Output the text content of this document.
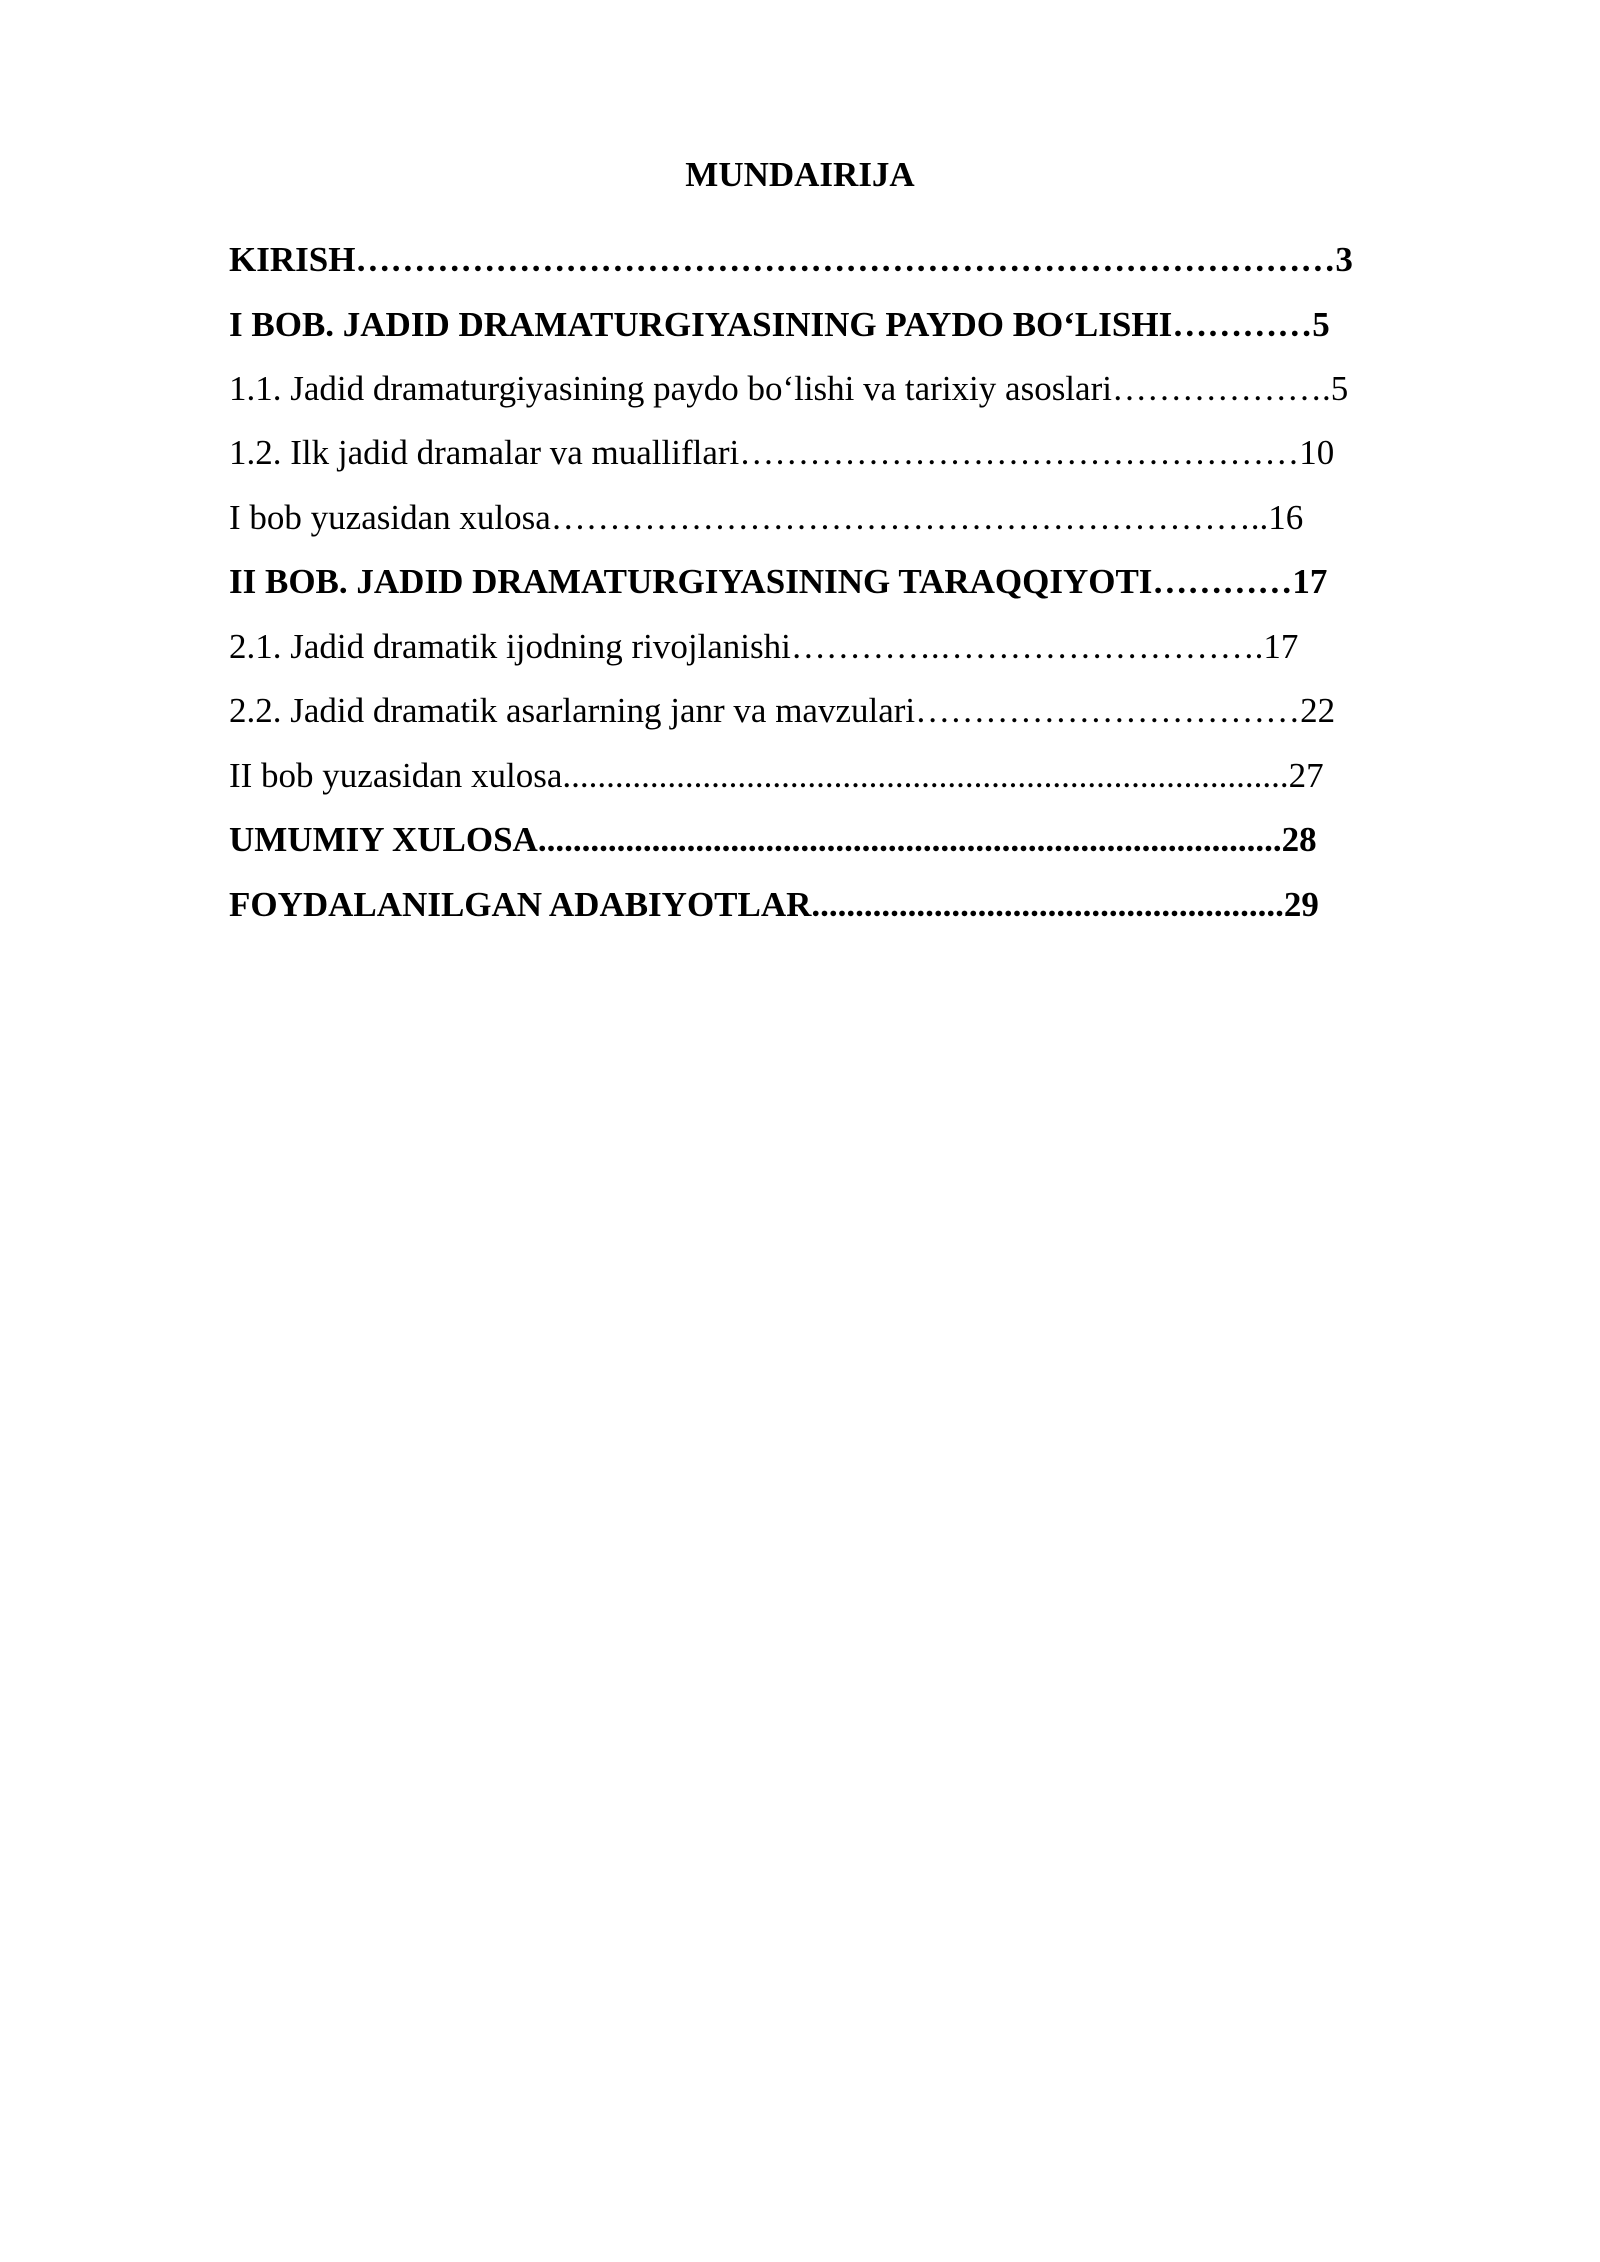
MUNDAIRIJA
KIRISH…………………………………………………………………………3
I BOB. JADID DRAMATURGIYASINING PAYDO BOʻLISHI…………5
1.1. Jadid dramaturgiyasining paydo boʻlishi va tarixiy asoslari……………….5
1.2. Ilk jadid dramalar va mualliflari…………………………………………10
I bob yuzasidan xulosa……………………………………………………..16
II BOB. JADID DRAMATURGIYASINING TARAQQIYOTI…………17
2.1. Jadid dramatik ijodning rivojlanishi………….……………………….17
2.2. Jadid dramatik asarlarning janr va mavzulari……………………………22
II bob yuzasidan xulosa...................................................................................27
UMUMIY XULOSA.....................................................................................28
FOYDALANILGAN ADABIYOTLAR......................................................29
